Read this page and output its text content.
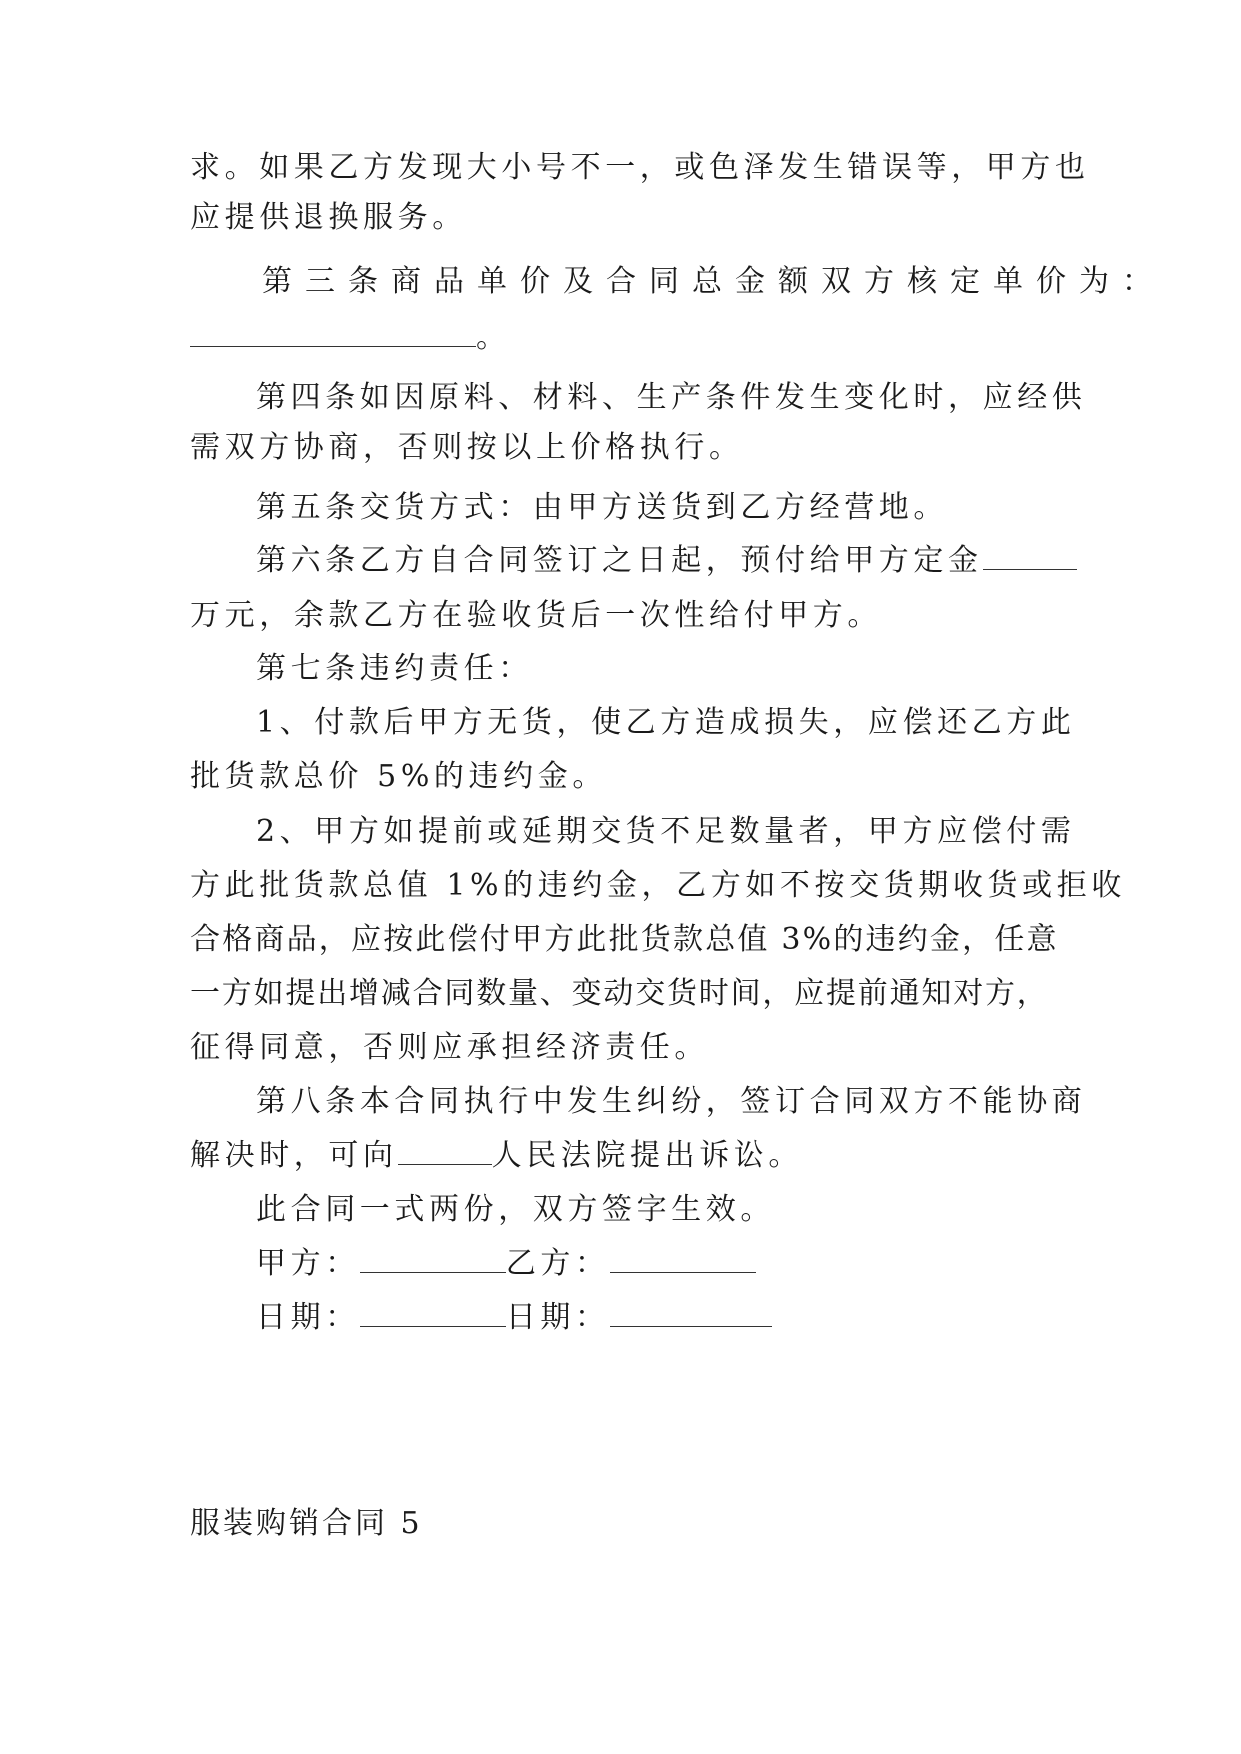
求。如果乙方发现大小号不一，或色泽发生错误等，甲方也
应提供退换服务。
第三条商品单价及合同总金额双方核定单价为：
。
第四条如因原料、材料、生产条件发生变化时，应经供
需双方协商，否则按以上价格执行。
第五条交货方式：由甲方送货到乙方经营地。
第六条乙方自合同签订之日起，预付给甲方定金
万元，余款乙方在验收货后一次性给付甲方。
第七条违约责任：
1、付款后甲方无货，使乙方造成损失，应偿还乙方此
批货款总价 5%的违约金。
2、甲方如提前或延期交货不足数量者，甲方应偿付需
方此批货款总值 1%的违约金，乙方如不按交货期收货或拒收
合格商品，应按此偿付甲方此批货款总值 3%的违约金，任意
一方如提出增减合同数量、变动交货时间，应提前通知对方，
征得同意，否则应承担经济责任。
第八条本合同执行中发生纠纷，签订合同双方不能协商
解决时，可向	人民法院提出诉讼。
此合同一式两份，双方签字生效。
甲方：	乙方：
日期：	日期：
服装购销合同 5
